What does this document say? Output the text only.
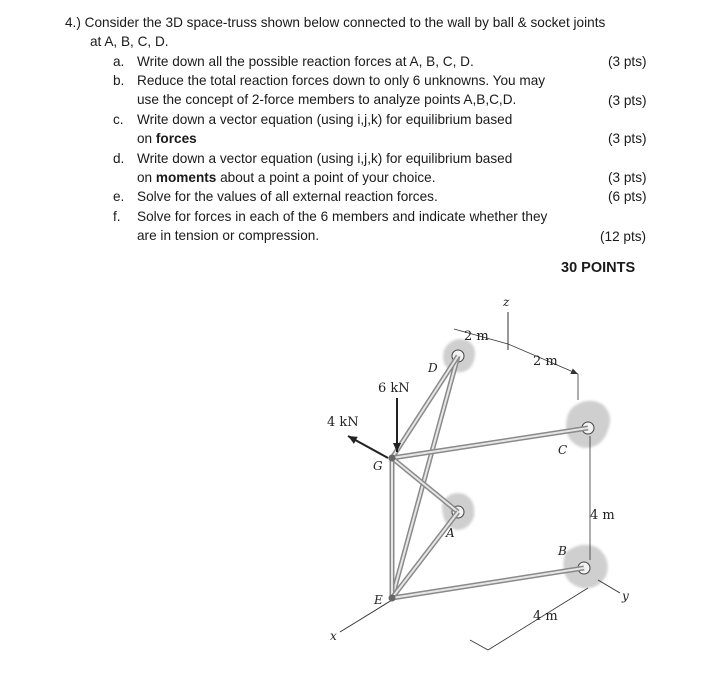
4.) Consider the 3D space-truss shown below connected to the wall by ball & socket joints
at A, B, C, D.
a. Write down all the possible reaction forces at A, B, C, D.	(3 pts)
b. Reduce the total reaction forces down to only 6 unknowns. You may
use the concept of 2-force members to analyze points A,B,C,D.	(3 pts)
c. Write down a vector equation (using i,j,k) for equilibrium based
on forces	(3 pts)
d. Write down a vector equation (using i,j,k) for equilibrium based
on moments about a point a point of your choice.	(3 pts)
e. Solve for the values of all external reaction forces.	(6 pts)
f. Solve for forces in each of the 6 members and indicate whether they
are in tension or compression.	(12 pts)
30 POINTS
z
y
x
2 m
2 m
4 m
4 m
6 kN
4 kN
D
C
A
B
E
G
